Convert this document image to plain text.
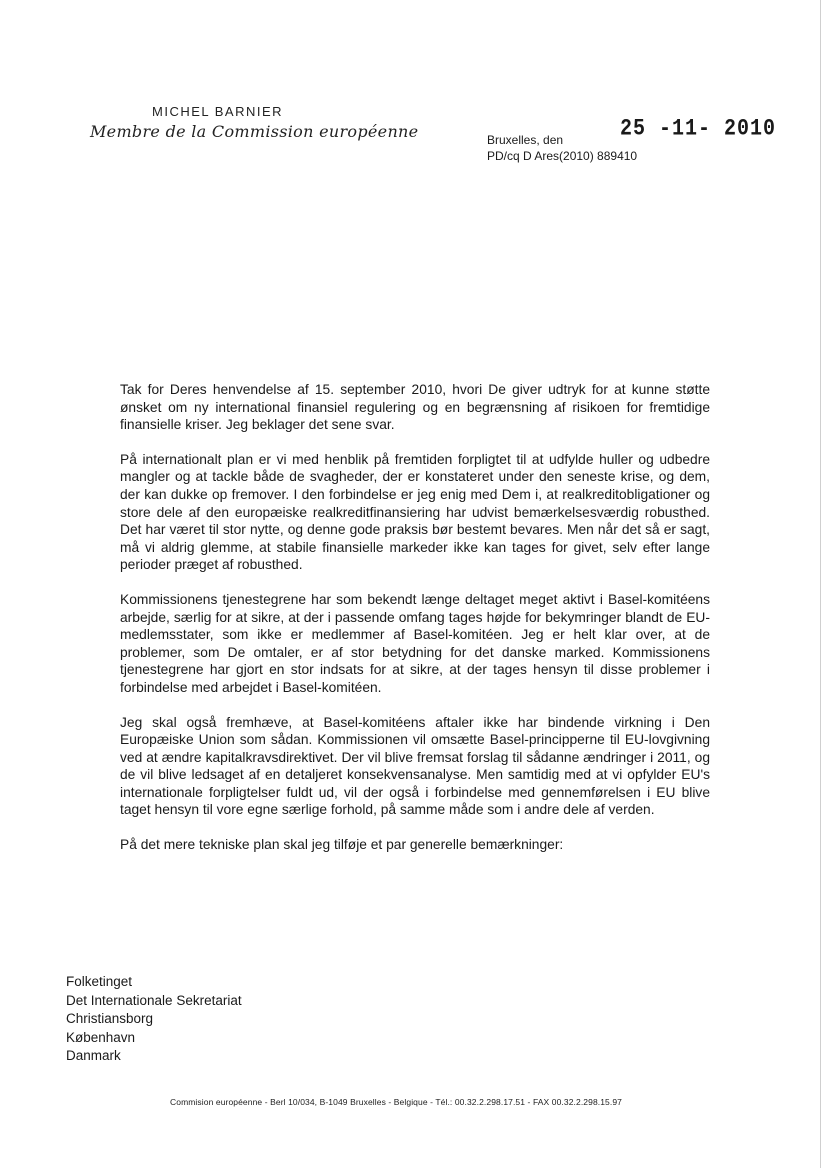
MICHEL BARNIER
Membre de la Commission européenne	Bruxelles, den	25 -11- 2010
PD/cq D Ares(2010) 889410

Tak for Deres henvendelse af 15. september 2010, hvori De giver udtryk for at kunne støtte ønsket om ny international finansiel regulering og en begrænsning af risikoen for fremtidige finansielle kriser. Jeg beklager det sene svar.

På internationalt plan er vi med henblik på fremtiden forpligtet til at udfylde huller og udbedre mangler og at tackle både de svagheder, der er konstateret under den seneste krise, og dem, der kan dukke op fremover. I den forbindelse er jeg enig med Dem i, at realkreditobligationer og store dele af den europæiske realkreditfinansiering har udvist bemærkelsesværdig robusthed. Det har været til stor nytte, og denne gode praksis bør bestemt bevares. Men når det så er sagt, må vi aldrig glemme, at stabile finansielle markeder ikke kan tages for givet, selv efter lange perioder præget af robusthed.

Kommissionens tjenestegrene har som bekendt længe deltaget meget aktivt i Basel-komitéens arbejde, særlig for at sikre, at der i passende omfang tages højde for bekymringer blandt de EU-medlemsstater, som ikke er medlemmer af Basel-komitéen. Jeg er helt klar over, at de problemer, som De omtaler, er af stor betydning for det danske marked. Kommissionens tjenestegrene har gjort en stor indsats for at sikre, at der tages hensyn til disse problemer i forbindelse med arbejdet i Basel-komitéen.

Jeg skal også fremhæve, at Basel-komitéens aftaler ikke har bindende virkning i Den Europæiske Union som sådan. Kommissionen vil omsætte Basel-principperne til EU-lovgivning ved at ændre kapitalkravsdirektivet. Der vil blive fremsat forslag til sådanne ændringer i 2011, og de vil blive ledsaget af en detaljeret konsekvensanalyse. Men samtidig med at vi opfylder EU's internationale forpligtelser fuldt ud, vil der også i forbindelse med gennemførelsen i EU blive taget hensyn til vore egne særlige forhold, på samme måde som i andre dele af verden.

På det mere tekniske plan skal jeg tilføje et par generelle bemærkninger:

Folketinget
Det Internationale Sekretariat
Christiansborg
København
Danmark
Commision européenne - Berl 10/034, B-1049 Bruxelles - Belgique - Tél.: 00.32.2.298.17.51 - FAX 00.32.2.298.15.97
